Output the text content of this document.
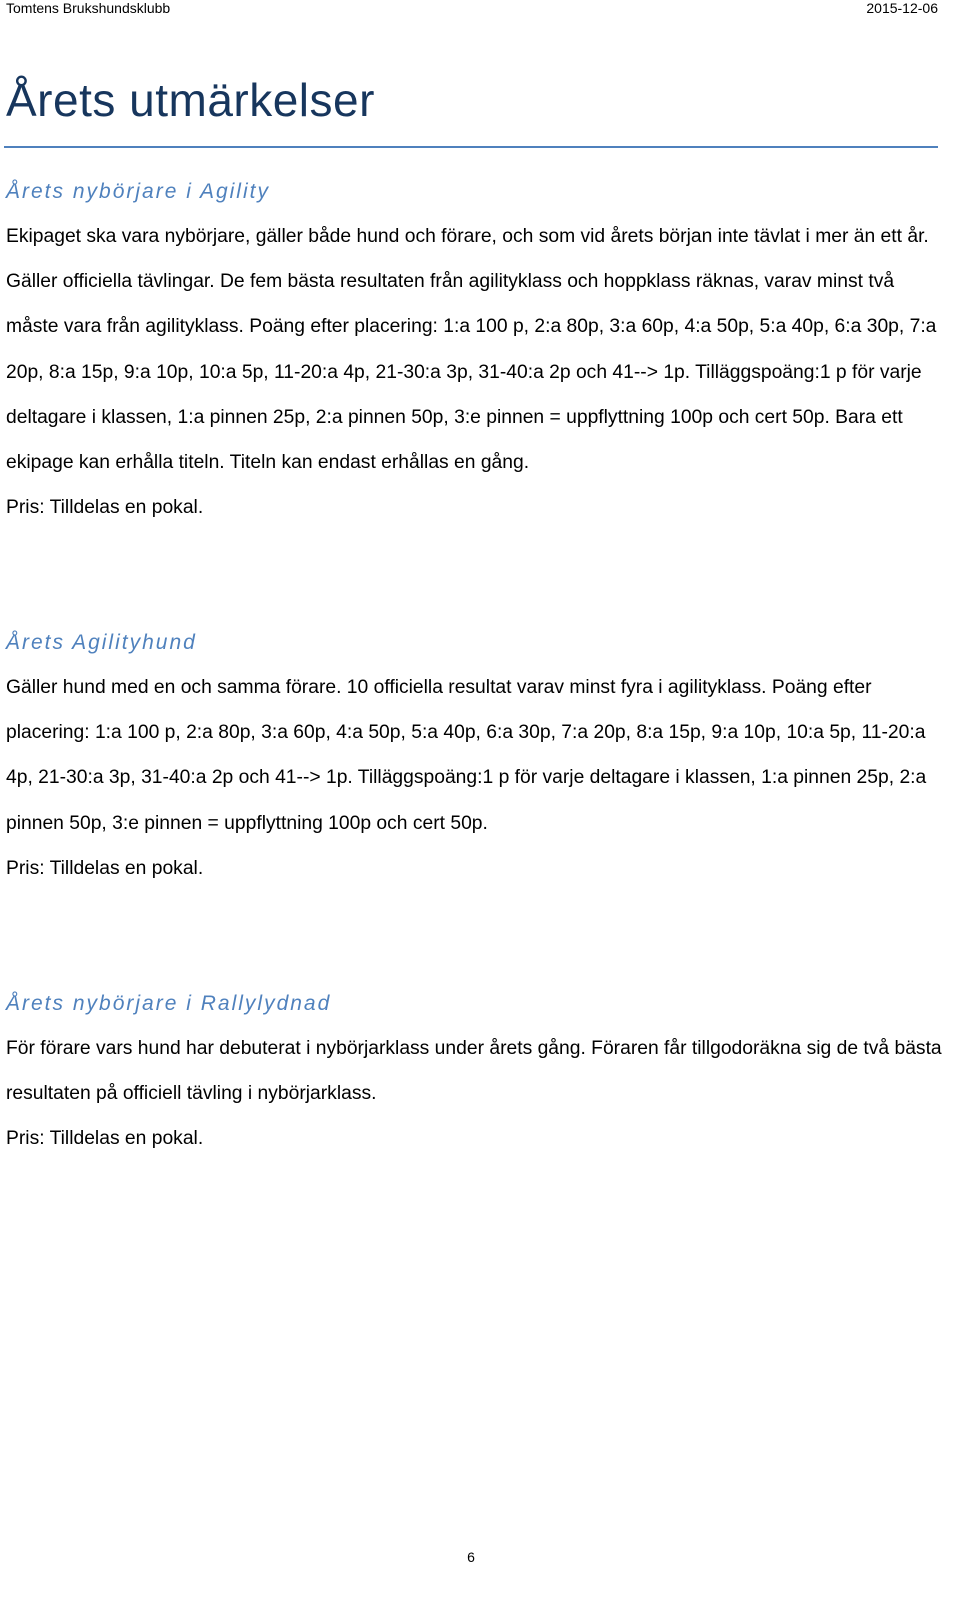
Tomtens Brukshundsklubb	2015-12-06
Årets utmärkelser
Årets nybörjare i Agility

Ekipaget ska vara nybörjare, gäller både hund och förare, och som vid årets början inte tävlat i mer än ett år. Gäller officiella tävlingar. De fem bästa resultaten från agilityklass och hoppklass räknas, varav minst två måste vara från agilityklass. Poäng efter placering: 1:a 100 p, 2:a 80p, 3:a 60p, 4:a 50p, 5:a 40p, 6:a 30p, 7:a 20p, 8:a 15p, 9:a 10p, 10:a 5p, 11-20:a 4p, 21-30:a 3p, 31-40:a 2p och 41--> 1p. Tilläggspoäng:1 p för varje deltagare i klassen, 1:a pinnen 25p, 2:a pinnen 50p, 3:e pinnen = uppflyttning 100p och cert 50p. Bara ett ekipage kan erhålla titeln. Titeln kan endast erhållas en gång.

Pris: Tilldelas en pokal.

Årets Agilityhund

Gäller hund med en och samma förare. 10 officiella resultat varav minst fyra i agilityklass. Poäng efter placering: 1:a 100 p, 2:a 80p, 3:a 60p, 4:a 50p, 5:a 40p, 6:a 30p, 7:a 20p, 8:a 15p, 9:a 10p, 10:a 5p, 11-20:a 4p, 21-30:a 3p, 31-40:a 2p och 41--> 1p. Tilläggspoäng:1 p för varje deltagare i klassen, 1:a pinnen 25p, 2:a pinnen 50p, 3:e pinnen = uppflyttning 100p och cert 50p.

Pris: Tilldelas en pokal.

Årets nybörjare i Rallylydnad

För förare vars hund har debuterat i nybörjarklass under årets gång. Föraren får tillgodoräkna sig de två bästa resultaten på officiell tävling i nybörjarklass.

Pris: Tilldelas en pokal.

6
